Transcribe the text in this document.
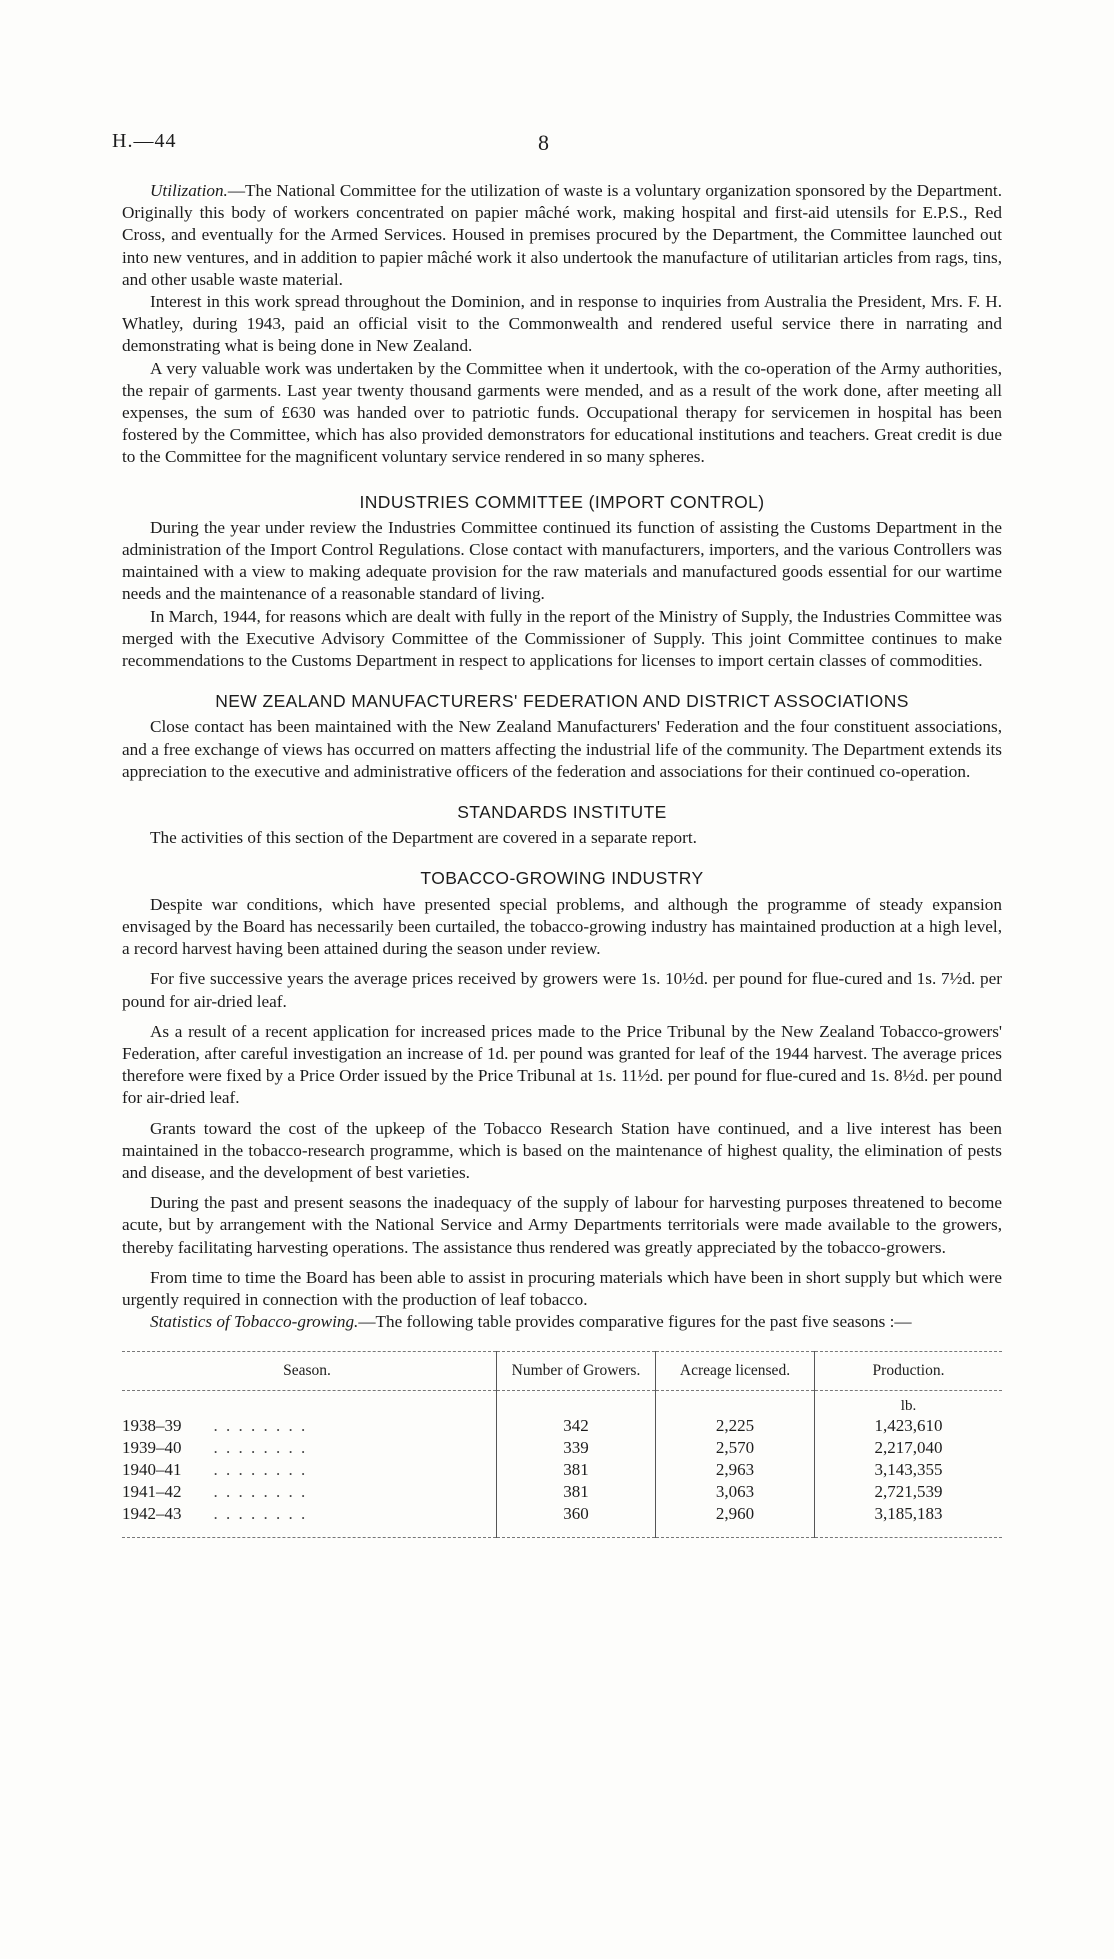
H.—44	8

Utilization.—The National Committee for the utilization of waste is a voluntary organization sponsored by the Department. Originally this body of workers concentrated on papier mâché work, making hospital and first-aid utensils for E.P.S., Red Cross, and eventually for the Armed Services. Housed in premises procured by the Department, the Committee launched out into new ventures, and in addition to papier mâché work it also undertook the manufacture of utilitarian articles from rags, tins, and other usable waste material.

Interest in this work spread throughout the Dominion, and in response to inquiries from Australia the President, Mrs. F. H. Whatley, during 1943, paid an official visit to the Commonwealth and rendered useful service there in narrating and demonstrating what is being done in New Zealand.

A very valuable work was undertaken by the Committee when it undertook, with the co-operation of the Army authorities, the repair of garments. Last year twenty thousand garments were mended, and as a result of the work done, after meeting all expenses, the sum of £630 was handed over to patriotic funds. Occupational therapy for servicemen in hospital has been fostered by the Committee, which has also provided demonstrators for educational institutions and teachers. Great credit is due to the Committee for the magnificent voluntary service rendered in so many spheres.

INDUSTRIES COMMITTEE (IMPORT CONTROL)

During the year under review the Industries Committee continued its function of assisting the Customs Department in the administration of the Import Control Regulations. Close contact with manufacturers, importers, and the various Controllers was maintained with a view to making adequate provision for the raw materials and manufactured goods essential for our wartime needs and the maintenance of a reasonable standard of living.

In March, 1944, for reasons which are dealt with fully in the report of the Ministry of Supply, the Industries Committee was merged with the Executive Advisory Committee of the Commissioner of Supply. This joint Committee continues to make recommendations to the Customs Department in respect to applications for licenses to import certain classes of commodities.

NEW ZEALAND MANUFACTURERS' FEDERATION AND DISTRICT ASSOCIATIONS

Close contact has been maintained with the New Zealand Manufacturers' Federation and the four constituent associations, and a free exchange of views has occurred on matters affecting the industrial life of the community. The Department extends its appreciation to the executive and administrative officers of the federation and associations for their continued co-operation.

STANDARDS INSTITUTE

The activities of this section of the Department are covered in a separate report.

TOBACCO-GROWING INDUSTRY

Despite war conditions, which have presented special problems, and although the programme of steady expansion envisaged by the Board has necessarily been curtailed, the tobacco-growing industry has maintained production at a high level, a record harvest having been attained during the season under review.

For five successive years the average prices received by growers were 1s. 10½d. per pound for flue-cured and 1s. 7½d. per pound for air-dried leaf.

As a result of a recent application for increased prices made to the Price Tribunal by the New Zealand Tobacco-growers' Federation, after careful investigation an increase of 1d. per pound was granted for leaf of the 1944 harvest. The average prices therefore were fixed by a Price Order issued by the Price Tribunal at 1s. 11½d. per pound for flue-cured and 1s. 8½d. per pound for air-dried leaf.

Grants toward the cost of the upkeep of the Tobacco Research Station have continued, and a live interest has been maintained in the tobacco-research programme, which is based on the maintenance of highest quality, the elimination of pests and disease, and the development of best varieties.

During the past and present seasons the inadequacy of the supply of labour for harvesting purposes threatened to become acute, but by arrangement with the National Service and Army Departments territorials were made available to the growers, thereby facilitating harvesting operations. The assistance thus rendered was greatly appreciated by the tobacco-growers.

From time to time the Board has been able to assist in procuring materials which have been in short supply but which were urgently required in connection with the production of leaf tobacco.

Statistics of Tobacco-growing.—The following table provides comparative figures for the past five seasons :—

Season.	Number of Growers.	Acreage licensed.	Production.
			lb.
1938–39 . . . . . . . .	342	2,225	1,423,610
1939–40 . . . . . . . .	339	2,570	2,217,040
1940–41 . . . . . . . .	381	2,963	3,143,355
1941–42 . . . . . . . .	381	3,063	2,721,539
1942–43 . . . . . . . .	360	2,960	3,185,183
